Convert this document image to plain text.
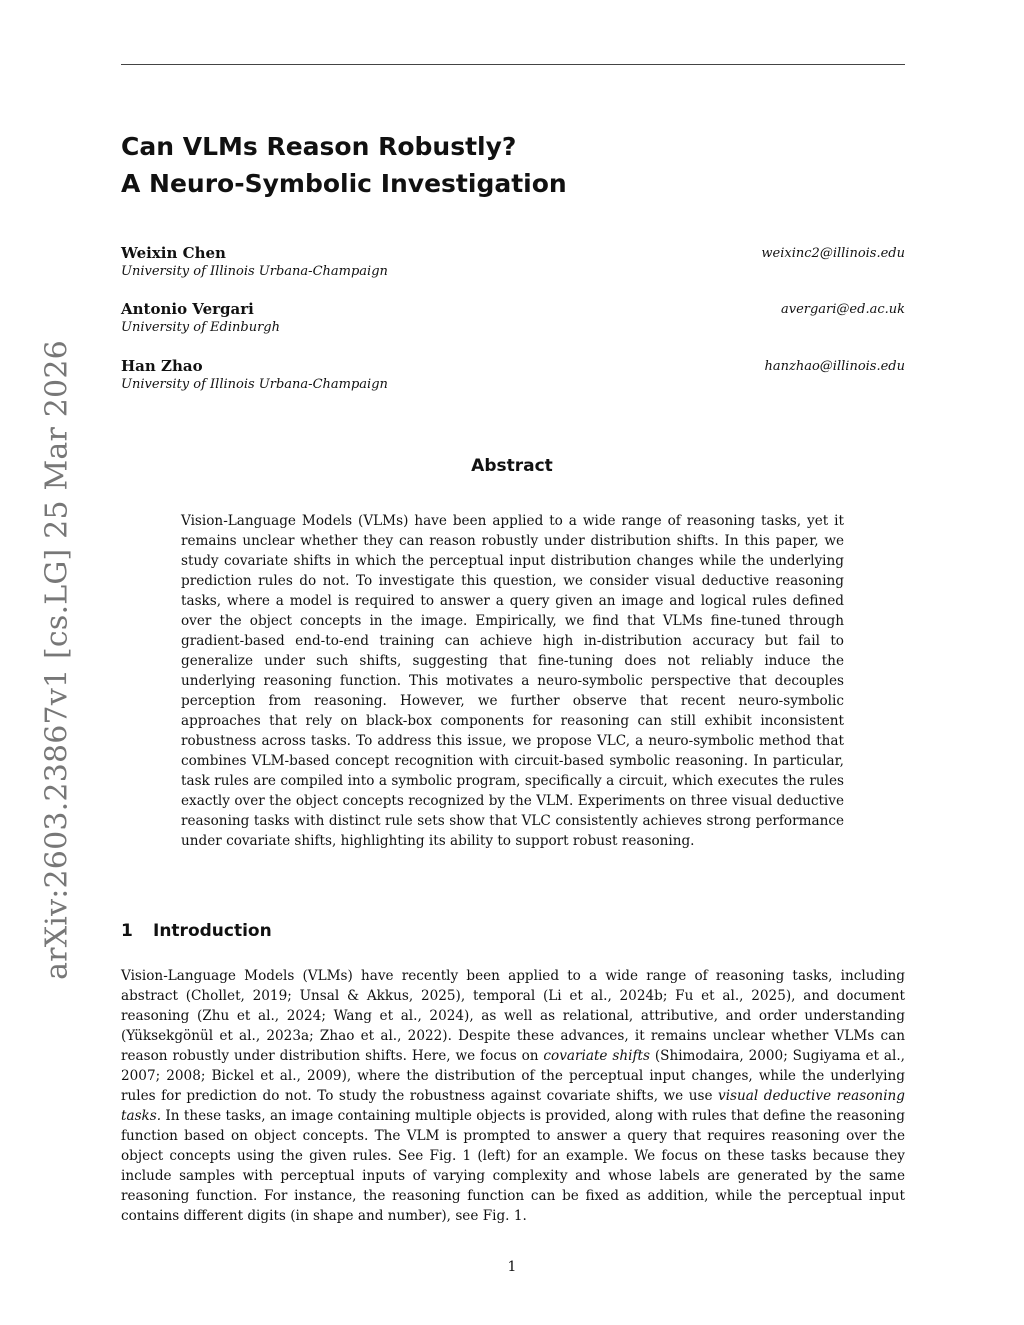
arXiv:2603.23867v1 [cs.LG] 25 Mar 2026
Can VLMs Reason Robustly?
A Neuro-Symbolic Investigation
Weixin Chen
University of Illinois Urbana-Champaign
weixinc2@illinois.edu
Antonio Vergari
University of Edinburgh
avergari@ed.ac.uk
Han Zhao
University of Illinois Urbana-Champaign
hanzhao@illinois.edu
Abstract
Vision-Language Models (VLMs) have been applied to a wide range of reasoning tasks, yet it remains unclear whether they can reason robustly under distribution shifts. In this paper, we study covariate shifts in which the perceptual input distribution changes while the underlying prediction rules do not. To investigate this question, we consider visual deductive reasoning tasks, where a model is required to answer a query given an image and logical rules defined over the object concepts in the image. Empirically, we find that VLMs fine-tuned through gradient-based end-to-end training can achieve high in-distribution accuracy but fail to generalize under such shifts, suggesting that fine-tuning does not reliably induce the underlying reasoning function. This motivates a neuro-symbolic perspective that decouples perception from reasoning. However, we further observe that recent neuro-symbolic approaches that rely on black-box components for reasoning can still exhibit inconsistent robustness across tasks. To address this issue, we propose VLC, a neuro-symbolic method that combines VLM-based concept recognition with circuit-based symbolic reasoning. In particular, task rules are compiled into a symbolic program, specifically a circuit, which executes the rules exactly over the object concepts recognized by the VLM. Experiments on three visual deductive reasoning tasks with distinct rule sets show that VLC consistently achieves strong performance under covariate shifts, highlighting its ability to support robust reasoning.
1 Introduction
Vision-Language Models (VLMs) have recently been applied to a wide range of reasoning tasks, including abstract (Chollet, 2019; Unsal & Akkus, 2025), temporal (Li et al., 2024b; Fu et al., 2025), and document reasoning (Zhu et al., 2024; Wang et al., 2024), as well as relational, attributive, and order understanding (Yüksekgönül et al., 2023a; Zhao et al., 2022). Despite these advances, it remains unclear whether VLMs can reason robustly under distribution shifts. Here, we focus on covariate shifts (Shimodaira, 2000; Sugiyama et al., 2007; 2008; Bickel et al., 2009), where the distribution of the perceptual input changes, while the underlying rules for prediction do not. To study the robustness against covariate shifts, we use visual deductive reasoning tasks. In these tasks, an image containing multiple objects is provided, along with rules that define the reasoning function based on object concepts. The VLM is prompted to answer a query that requires reasoning over the object concepts using the given rules. See Fig. 1 (left) for an example. We focus on these tasks because they include samples with perceptual inputs of varying complexity and whose labels are generated by the same reasoning function. For instance, the reasoning function can be fixed as addition, while the perceptual input contains different digits (in shape and number), see Fig. 1.
1
